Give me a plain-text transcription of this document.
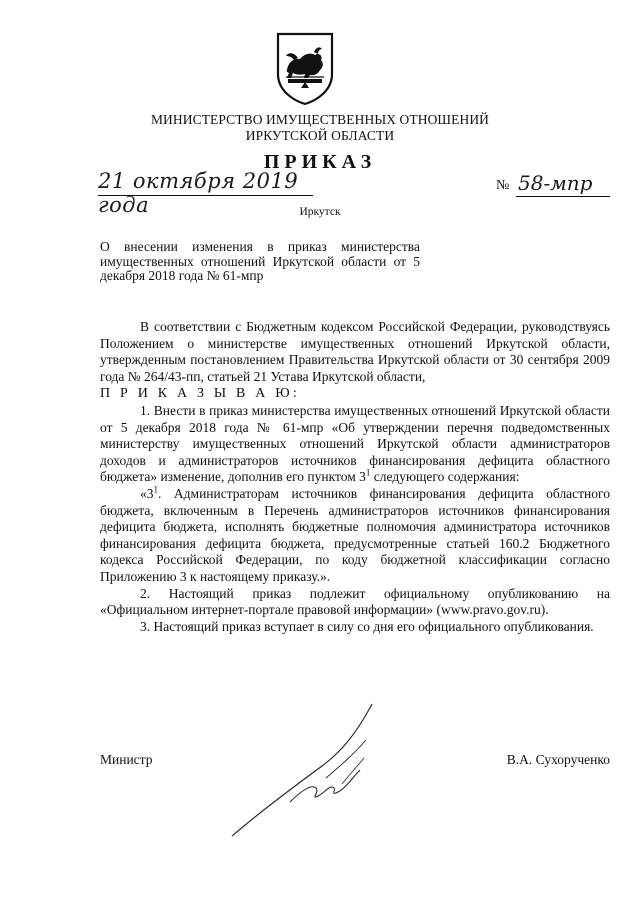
МИНИСТЕРСТВО ИМУЩЕСТВЕННЫХ ОТНОШЕНИЙ
ИРКУТСКОЙ ОБЛАСТИ
ПРИКАЗ
21 октября 2019 года
№ 58-мпр
Иркутск
О внесении изменения в приказ министерства имущественных отношений Иркутской области от 5 декабря 2018 года № 61-мпр

В соответствии с Бюджетным кодексом Российской Федерации, руководствуясь Положением о министерстве имущественных отношений Иркутской области, утвержденным постановлением Правительства Иркутской области от 30 сентября 2009 года № 264/43-пп, статьей 21 Устава Иркутской области,

П Р И К А З Ы В А Ю:

1. Внести в приказ министерства имущественных отношений Иркутской области от 5 декабря 2018 года № 61-мпр «Об утверждении перечня подведомственных министерству имущественных отношений Иркутской области администраторов доходов и администраторов источников финансирования дефицита областного бюджета» изменение, дополнив его пунктом $3^1$ следующего содержания:

«$3^1$. Администраторам источников финансирования дефицита областного бюджета, включенным в Перечень администраторов источников финансирования дефицита бюджета, исполнять бюджетные полномочия администратора источников финансирования дефицита бюджета, предусмотренные статьей 160.2 Бюджетного кодекса Российской Федерации, по коду бюджетной классификации согласно Приложению 3 к настоящему приказу.».

2. Настоящий приказ подлежит официальному опубликованию на «Официальном интернет-портале правовой информации» (www.pravo.gov.ru).

3. Настоящий приказ вступает в силу со дня его официального опубликования.

Министр	В.А. Сухорученко
